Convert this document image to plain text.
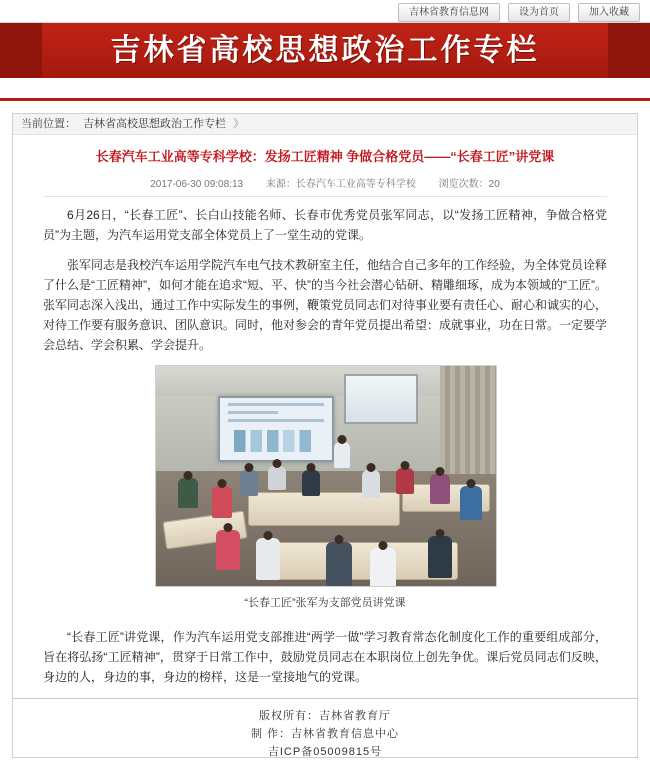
吉林省教育信息网	设为首页	加入收藏
吉林省高校思想政治工作专栏
当前位置： 吉林省高校思想政治工作专栏 》
长春汽车工业高等专科学校：发扬工匠精神 争做合格党员——“长春工匠”讲党课
2017-06-30 09:08:13 来源：长春汽车工业高等专科学校 浏览次数：20

6月26日，“长春工匠”、长白山技能名师、长春市优秀党员张军同志，以“发扬工匠精神，争做合格党员”为主题，为汽车运用党支部全体党员上了一堂生动的党课。

张军同志是我校汽车运用学院汽车电气技术教研室主任，他结合自己多年的工作经验，为全体党员诠释了什么是“工匠精神”，如何才能在追求“短、平、快”的当今社会潜心钻研、精雕细琢，成为本领域的“工匠”。张军同志深入浅出，通过工作中实际发生的事例，鞭策党员同志们对待事业要有责任心、耐心和诚实的心，对待工作要有服务意识、团队意识。同时，他对参会的青年党员提出希望：成就事业，功在日常。一定要学会总结、学会积累、学会提升。

“长春工匠”张军为支部党员讲党课

“长春工匠”讲党课，作为汽车运用党支部推进“两学一做”学习教育常态化制度化工作的重要组成部分，旨在将弘扬“工匠精神”，贯穿于日常工作中，鼓励党员同志在本职岗位上创先争优。课后党员同志们反映，身边的人，身边的事，身边的榜样，这是一堂接地气的党课。

版权所有：吉林省教育厅
制 作：吉林省教育信息中心
吉ICP备05009815号
